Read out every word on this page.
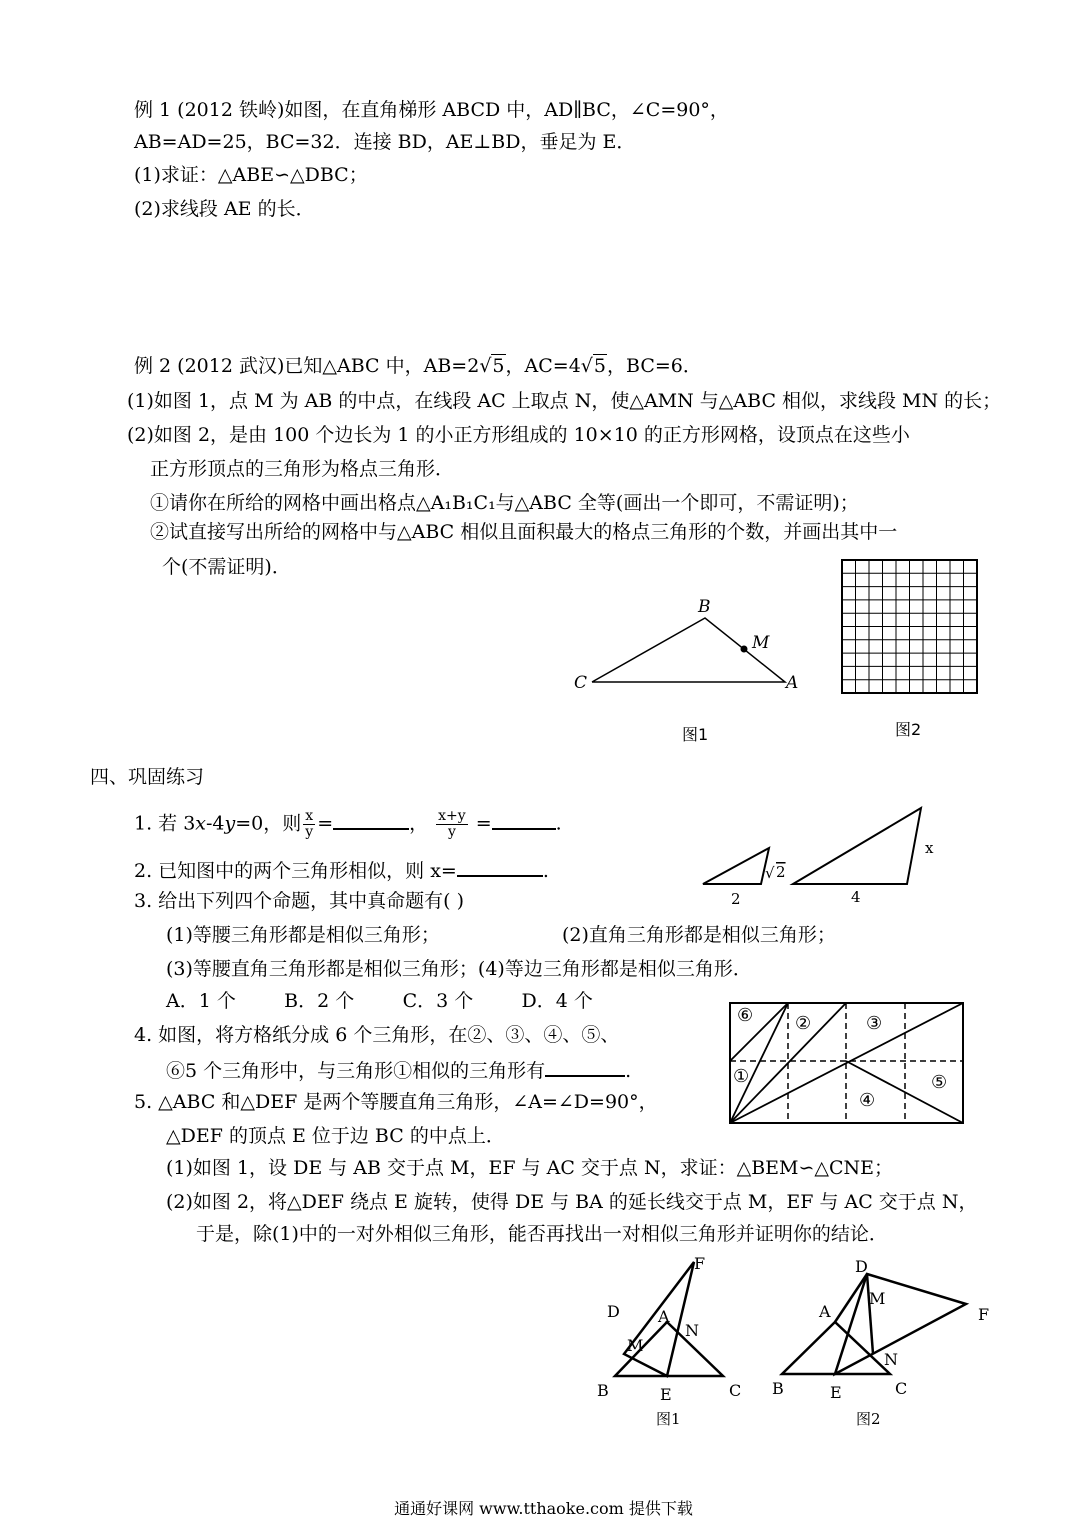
例 1 (2012 铁岭)如图，在直角梯形 ABCD 中，AD∥BC，∠C=90°，
AB=AD=25，BC=32．连接 BD，AE⊥BD，垂足为 E．
(1)求证：△ABE∽△DBC；
(2)求线段 AE 的长．
例 2 (2012 武汉)已知△ABC 中，AB=2√5，AC=4√5，BC=6．
(1)如图 1，点 M 为 AB 的中点，在线段 AC 上取点 N，使△AMN 与△ABC 相似，求线段 MN 的长；
(2)如图 2，是由 100 个边长为 1 的小正方形组成的 10×10 的正方形网格，设顶点在这些小
正方形顶点的三角形为格点三角形．
①请你在所给的网格中画出格点△A₁B₁C₁与△ABC 全等(画出一个即可，不需证明)；
②试直接写出所给的网格中与△ABC 相似且面积最大的格点三角形的个数，并画出其中一
个(不需证明)．
B
M
C	A
图1	图2
四、巩固练习
1. 若 3x-4y=0，则 $\frac{x}{y}$ =	， $\frac{x+y}{y}$ =	.
2. 已知图中的两个三角形相似，则 x=	.
2
√ 2
4
x
3. 给出下列四个命题，其中真命题有( )
(1)等腰三角形都是相似三角形；	(2)直角三角形都是相似三角形；
(3)等腰直角三角形都是相似三角形；(4)等边三角形都是相似三角形．
A．1 个        B．2 个        C．3 个        D．4 个
4. 如图，将方格纸分成 6 个三角形，在②、③、④、⑤、
⑥5 个三角形中，与三角形①相似的三角形有	.
⑥ ②	③
①
④
⑤
5. △ABC 和△DEF 是两个等腰直角三角形，∠A=∠D=90°，
△DEF 的顶点 E 位于边 BC 的中点上．
(1)如图 1，设 DE 与 AB 交于点 M，EF 与 AC 交于点 N，求证：△BEM∽△CNE；
(2)如图 2，将△DEF 绕点 E 旋转，使得 DE 与 BA 的延长线交于点 M，EF 与 AC 交于点 N，
于是，除(1)中的一对外相似三角形，能否再找出一对相似三角形并证明你的结论．
F
D A
N
M
B	E	C
图1
D
M
A	F
N
B	E	C
图2
通通好课网 www.tthaoke.com 提供下载
